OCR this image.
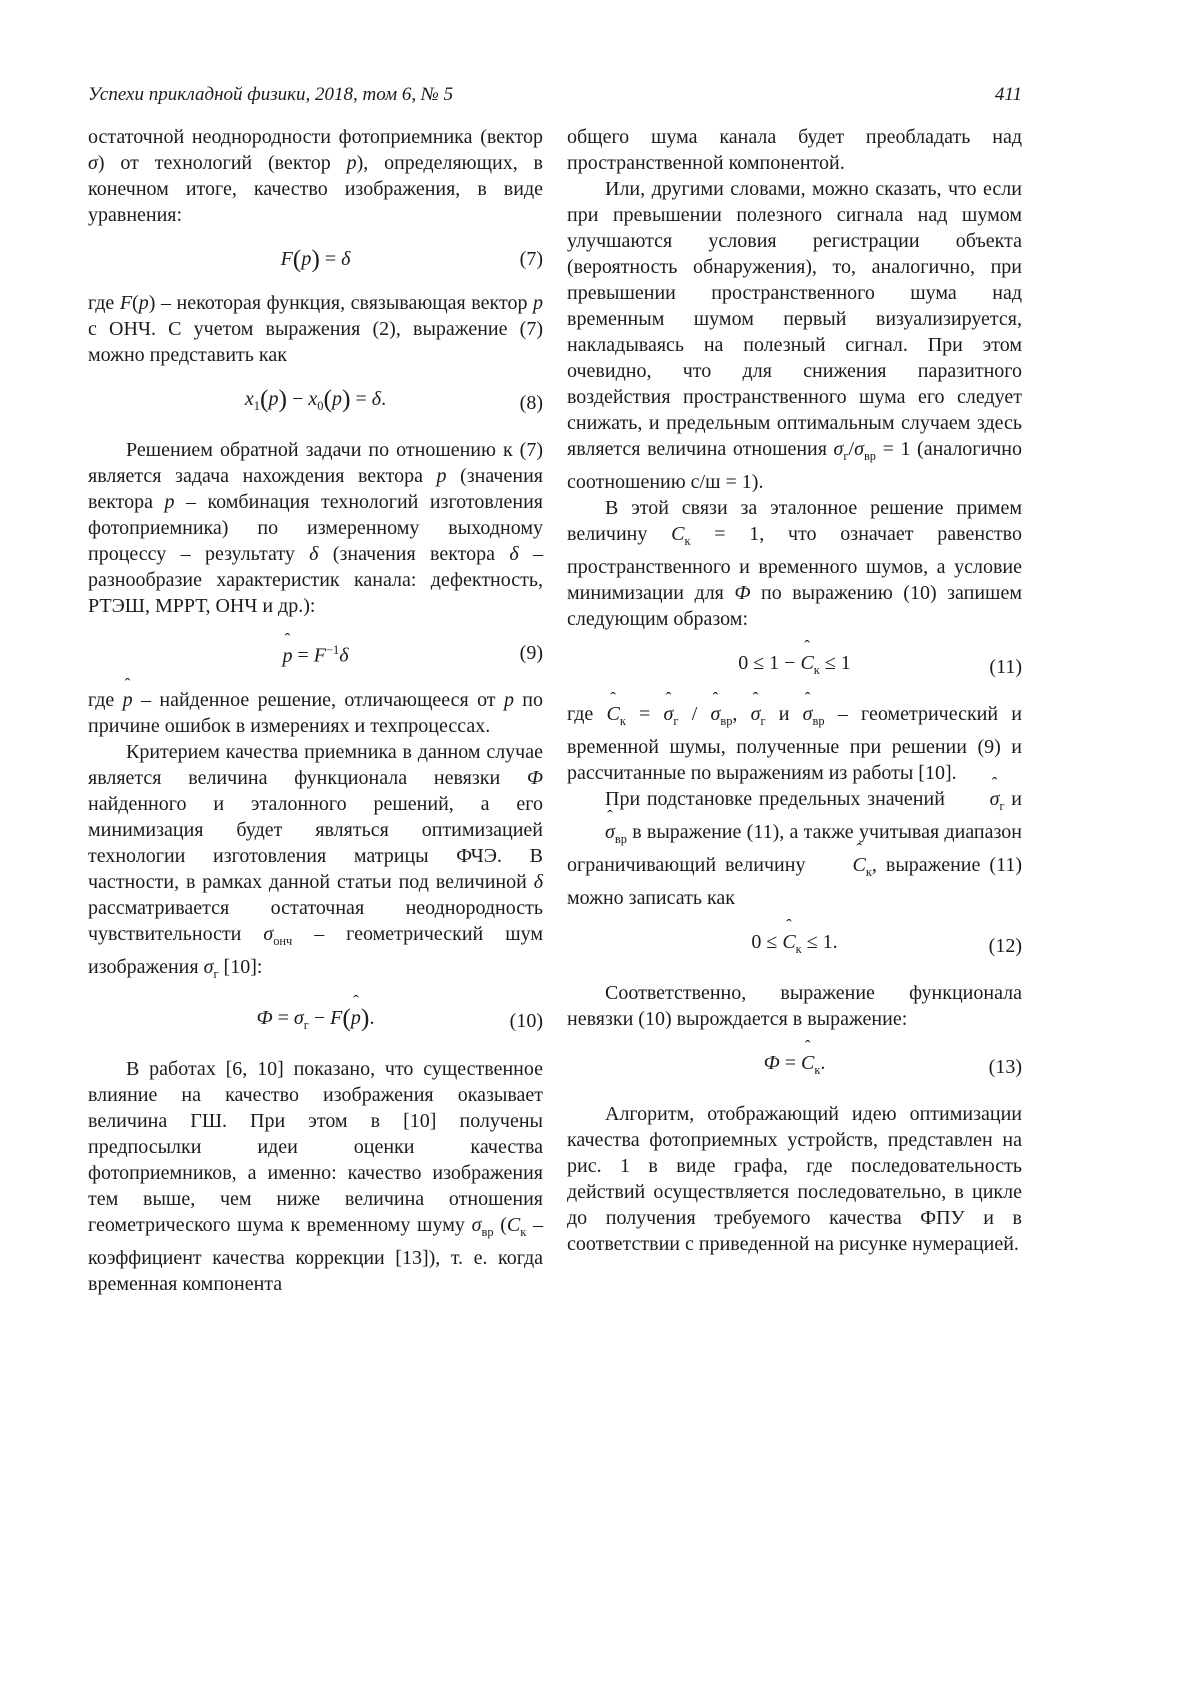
Успехи прикладной физики, 2018, том 6, № 5	411

остаточной неоднородности фотоприемника (вектор σ) от технологий (вектор p), определяющих, в конечном итоге, качество изображения, в виде уравнения:

F(p) = δ	(7)

где F(p) – некоторая функция, связывающая вектор p с ОНЧ. С учетом выражения (2), выражение (7) можно представить как

$x_1(p) - x_0(p) = \delta$.	(8)

Решением обратной задачи по отношению к (7) является задача нахождения вектора p (значения вектора p – комбинация технологий изготовления фотоприемника) по измеренному выходному процессу – результату δ (значения вектора δ – разнообразие характеристик канала: дефектность, РТЭШ, МРРТ, ОНЧ и др.):

ˆ
$p = F^{-1}\delta$	(9)

где
ˆ
p – найденное решение, отличающееся от p по причине ошибок в измерениях и техпроцессах.

Критерием качества приемника в данном случае является величина функционала невязки Ф найденного и эталонного решений, а его минимизация будет являться оптимизацией технологии изготовления матрицы ФЧЭ. В частности, в рамках данной статьи под величиной δ рассматривается остаточная неоднородность чувствительности $\sigma_{онч}$ – геометрический шум изображения $\sigma_г$ [10]:

$Ф = \sigma_г - F$(
ˆ
p).	(10)

В работах [6, 10] показано, что существенное влияние на качество изображения оказывает величина ГШ. При этом в [10] получены предпосылки идеи оценки качества фотоприемников, а именно: качество изображения тем выше, чем ниже величина отношения геометрического шума к временному шуму $\sigma_{вр}$ ($C_к$ – коэффициент качества коррекции [13]), т. е. когда временная компонента

общего шума канала будет преобладать над пространственной компонентой.

Или, другими словами, можно сказать, что если при превышении полезного сигнала над шумом улучшаются условия регистрации объекта (вероятность обнаружения), то, аналогично, при превышении пространственного шума над временным шумом первый визуализируется, накладываясь на полезный сигнал. При этом очевидно, что для снижения паразитного воздействия пространственного шума его следует снижать, и предельным оптимальным случаем здесь является величина отношения $\sigma_г/\sigma_{вр} = 1$ (аналогично соотношению с/ш = 1).

В этой связи за эталонное решение примем величину $C_к = 1$, что означает равенство пространственного и временного шумов, а условие минимизации для Ф по выражению (10) запишем следующим образом:

0 ≤ 1 −
ˆ
$C_к \le 1$	(11)

где
ˆ
$C_к$ =
ˆ
$\sigma_г$ /
ˆ
$\sigma_{вр}$,
ˆ
$\sigma_г$ и
ˆ
$\sigma_{вр}$ – геометрический и временной шумы, полученные при решении (9) и рассчитанные по выражениям из работы [10].

При подстановке предельных значений
ˆ
$\sigma_г$ и
ˆ
$\sigma_{вр}$ в выражение (11), а также учитывая диапазон ограничивающий величину
ˆ
$C_к$, выражение (11) можно записать как

0 ≤
ˆ
$C_к \le 1$.	(12)

Соответственно, выражение функционала невязки (10) вырождается в выражение:

Ф =
ˆ
$C_к$.	(13)

Алгоритм, отображающий идею оптимизации качества фотоприемных устройств, представлен на рис. 1 в виде графа, где последовательность действий осуществляется последовательно, в цикле до получения требуемого качества ФПУ и в соответствии с приведенной на рисунке нумерацией.
